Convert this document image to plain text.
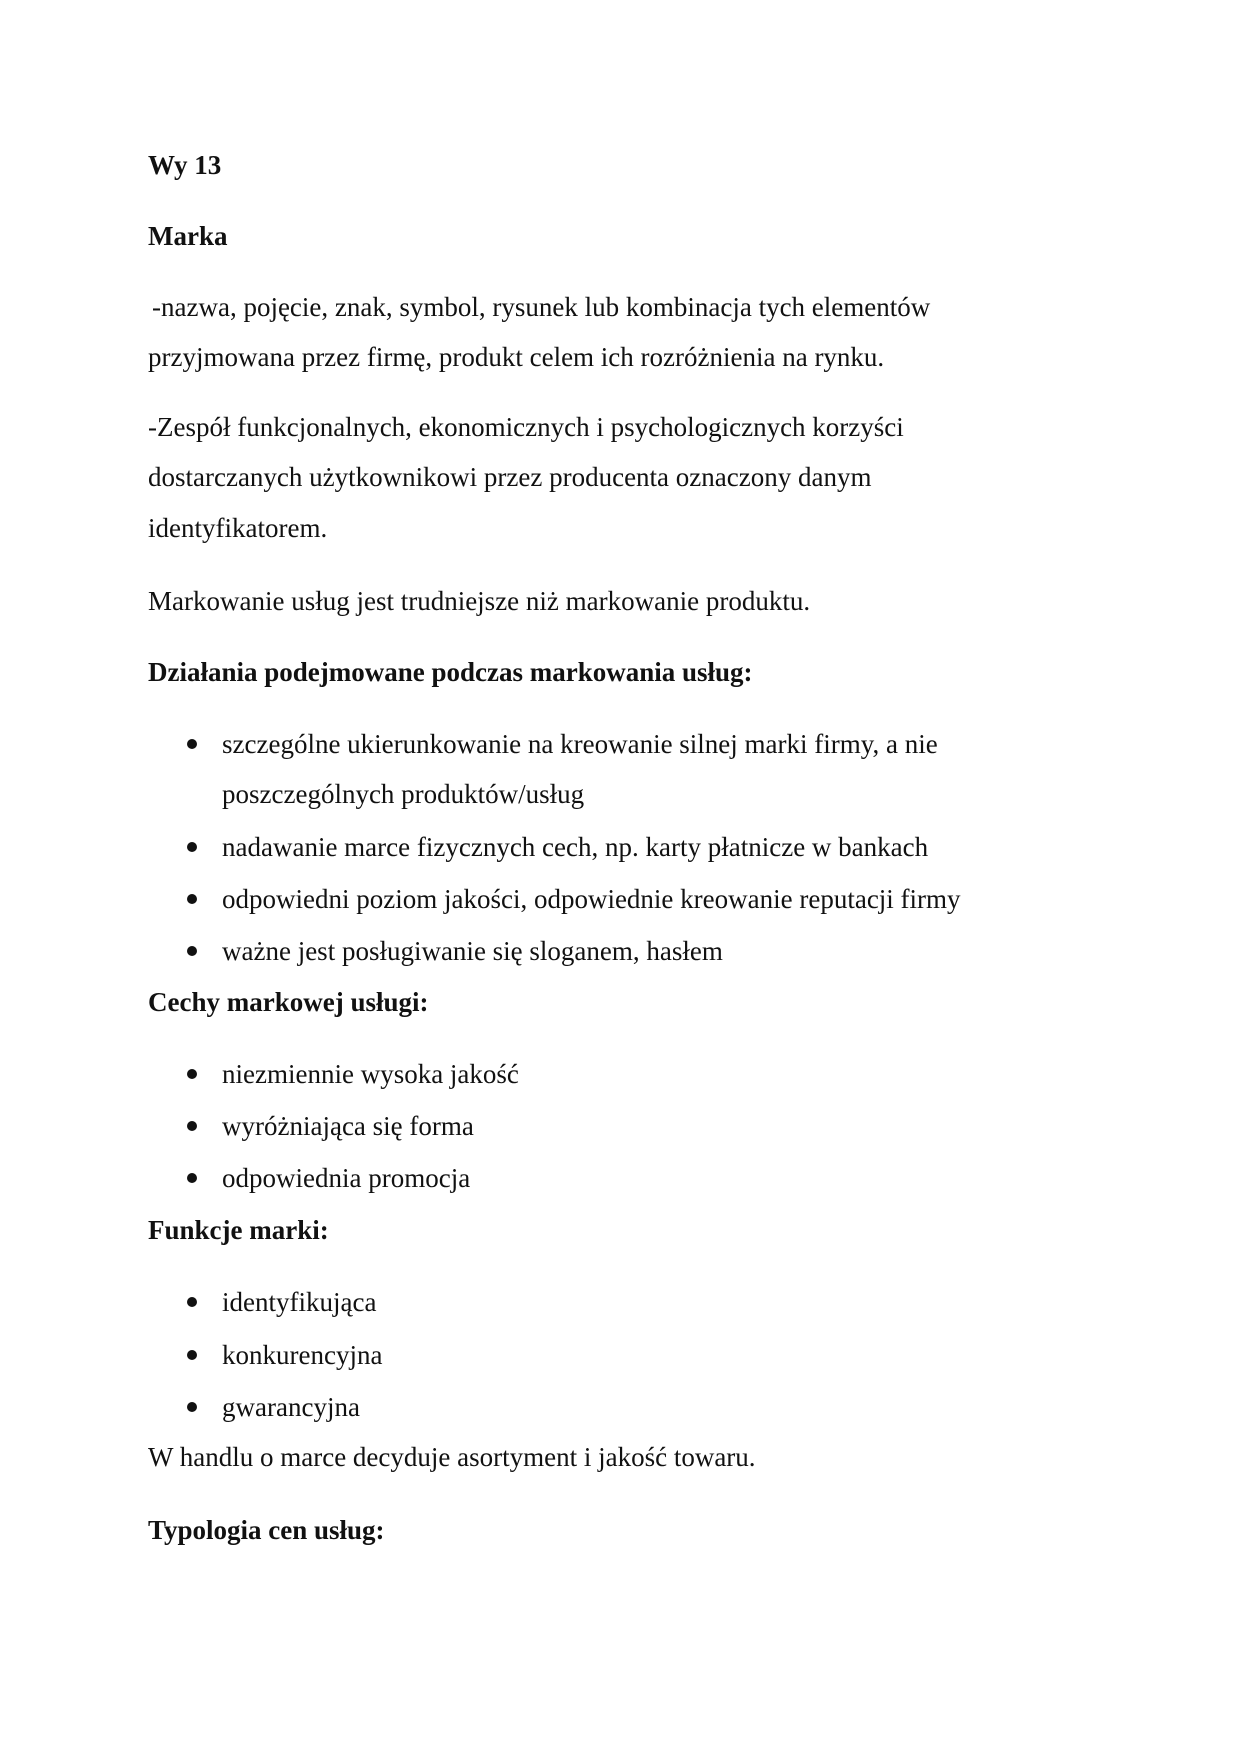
Wy 13

Marka

-nazwa, pojęcie, znak, symbol, rysunek lub kombinacja tych elementów

przyjmowana przez firmę, produkt celem ich rozróżnienia na rynku.

-Zespół funkcjonalnych, ekonomicznych i psychologicznych korzyści

dostarczanych użytkownikowi przez producenta oznaczony danym

identyfikatorem.

Markowanie usług jest trudniejsze niż markowanie produktu.

Działania podejmowane podczas markowania usług:

szczególne ukierunkowanie na kreowanie silnej marki firmy, a nie

poszczególnych produktów/usług

nadawanie marce fizycznych cech, np. karty płatnicze w bankach

odpowiedni poziom jakości, odpowiednie kreowanie reputacji firmy

ważne jest posługiwanie się sloganem, hasłem

Cechy markowej usługi:

niezmiennie wysoka jakość

wyróżniająca się forma

odpowiednia promocja

Funkcje marki:

identyfikująca

konkurencyjna

gwarancyjna

W handlu o marce decyduje asortyment i jakość towaru.

Typologia cen usług:
